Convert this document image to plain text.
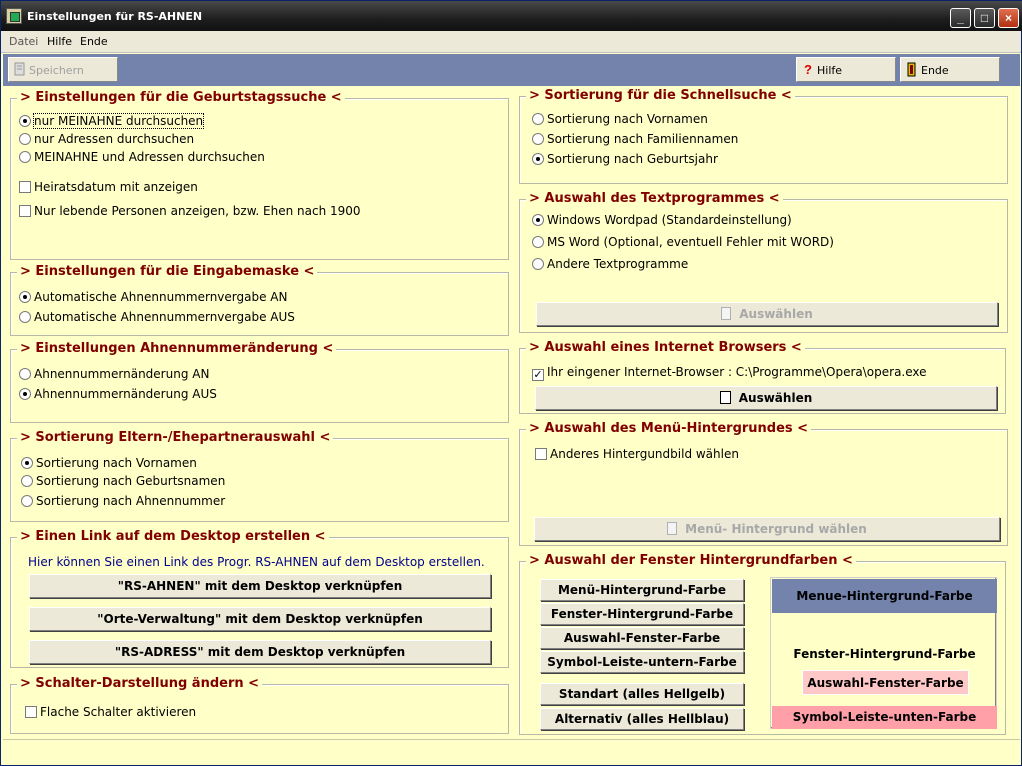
Einstellungen für RS-AHNEN	_	□	×
Datei Hilfe Ende
Speichern	? Hilfe	Ende
> Einstellungen für die Geburtstagssuche <
nur MEINAHNE durchsuchen
nur Adressen durchsuchen
MEINAHNE und Adressen durchsuchen
Heiratsdatum mit anzeigen
Nur lebende Personen anzeigen, bzw. Ehen nach 1900
> Einstellungen für die Eingabemaske <
Automatische Ahnennummernvergabe AN
Automatische Ahnennummernvergabe AUS
> Einstellungen Ahnennummeränderung <
Ahnennummernänderung AN
Ahnennummernänderung AUS
> Sortierung Eltern-/Ehepartnerauswahl <
Sortierung nach Vornamen
Sortierung nach Geburtsnamen
Sortierung nach Ahnennummer
> Einen Link auf dem Desktop erstellen <
Hier können Sie einen Link des Progr. RS-AHNEN auf dem Desktop erstellen.
"RS-AHNEN" mit dem Desktop verknüpfen
"Orte-Verwaltung" mit dem Desktop verknüpfen
"RS-ADRESS" mit dem Desktop verknüpfen
> Schalter-Darstellung ändern <
Flache Schalter aktivieren
> Sortierung für die Schnellsuche <
Sortierung nach Vornamen
Sortierung nach Familiennamen
Sortierung nach Geburtsjahr
> Auswahl des Textprogrammes <
Windows Wordpad (Standardeinstellung)
MS Word (Optional, eventuell Fehler mit WORD)
Andere Textprogramme
Auswählen
> Auswahl eines Internet Browsers <
✓ Ihr eingener Internet-Browser : C:\Programme\Opera\opera.exe
Auswählen
> Auswahl des Menü-Hintergrundes <
Anderes Hintergundbild wählen
Menü- Hintergrund wählen
> Auswahl der Fenster Hintergrundfarben <
Menü-Hintergrund-Farbe
Fenster-Hintergrund-Farbe
Auswahl-Fenster-Farbe
Symbol-Leiste-untern-Farbe
Standart (alles Hellgelb)
Alternativ (alles Hellblau)
Menue-Hintergrund-Farbe
Fenster-Hintergrund-Farbe
Auswahl-Fenster-Farbe
Symbol-Leiste-unten-Farbe
